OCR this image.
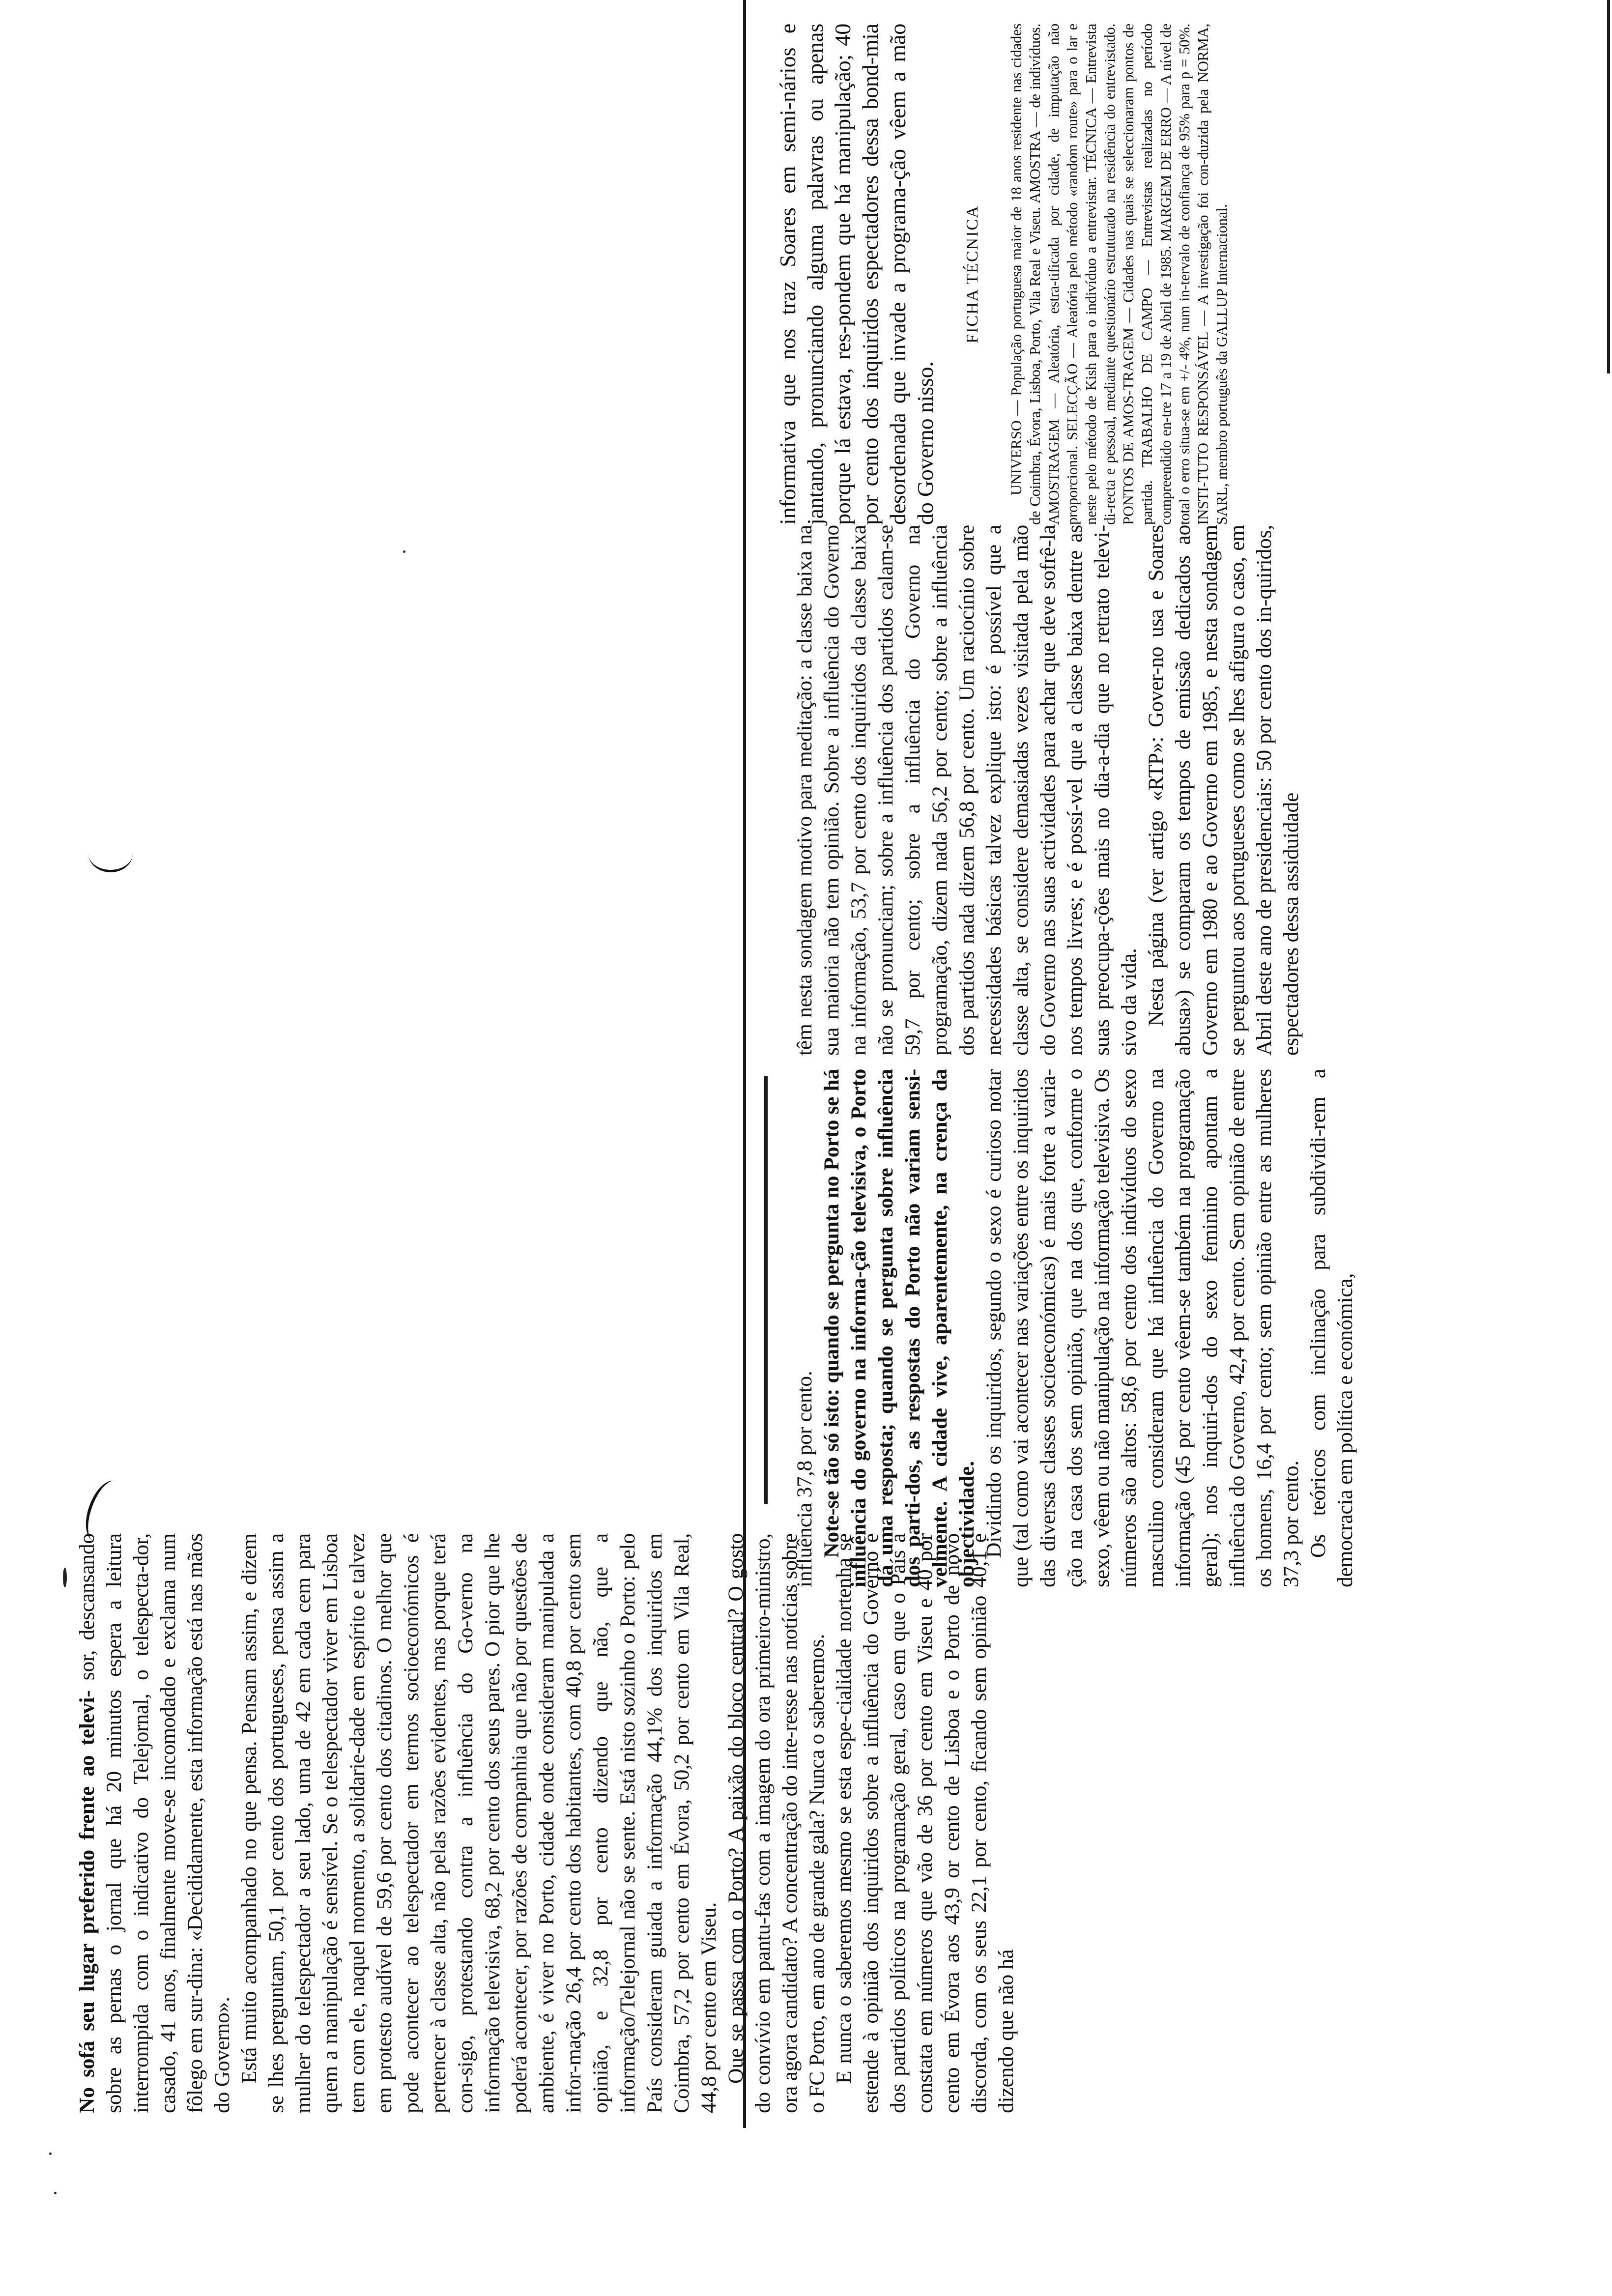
No sofá seu lugar preferido frente ao televi- sor, descansando sobre as pernas o jornal que há 20 minutos espera a leitura interrompida com o indicativo do Telejornal, o telespecta-dor, casado, 41 anos, finalmente move-se incomodado e exclama num fôlego em sur-dina: «Decididamente, esta informação está nas mãos do Governo». Está muito acompanhado no que pensa. Pensam assim, e dizem se lhes perguntam, 50,1 por cento dos portugueses, pensa assim a mulher do telespectador a seu lado, uma de 42 em cada cem para quem a manipulação é sensível. Se o telespectador viver em Lisboa tem com ele, naquel momento, a solidarie-dade em espírito e talvez em protesto audível de 59,6 por cento dos citadinos. O melhor que pode acontecer ao telespectador em termos socioeconómicos é pertencer à classe alta, não pelas razões evidentes, mas porque terá con-sigo, protestando contra a influência do Go-verno na informação televisiva, 68,2 por cento dos seus pares. O pior que lhe poderá acontecer, por razões de companhia que não por questões de ambiente, é viver no Porto, cidade onde consideram manipulada a infor-mação 26,4 por cento dos habitantes, com 40,8 por cento sem opinião, e 32,8 por cento dizendo que não, que a informação/Telejornal não se sente. Está nisto sozinho o Porto: pelo País consideram guiada a informação 44,1% dos inquiridos em Coimbra, 57,2 por cento em Évora, 50,2 por cento em Vila Real, 44,8 por cento em Viseu. Que se passa com o Porto? A paixão do bloco central? O gosto do convívio em pantu-fas com a imagem do ora primeiro-ministro, ora agora candidato? A concentração do inte-resse nas notícias sobre o FC Porto, em ano de grande gala? Nunca o saberemos. E nunca o saberemos mesmo se esta espe-cialidade nortenha se estende à opinião dos inquiridos sobre a influência do Governo e dos partidos políticos na programação geral, caso em que o País a constata em números que vão de 36 por cento em Viseu e 40 por cento em Évora aos 43,9 or cento de Lisboa e o Porto de novo discorda, com os seus 22,1 por cento, ficando sem opinião 40,1 e dizendo que não há

influência 37,8 por cento. Note-se tão só isto: quando se pergunta no Porto se há influência do governo na informa-ção televisiva, o Porto dá uma resposta; quando se pergunta sobre influência dos parti-dos, as respostas do Porto não variam sensi-velmente. A cidade vive, aparentemente, na crença da objectividade. Dividindo os inquiridos, segundo o sexo é curioso notar que (tal como vai acontecer nas variações entre os inquiridos das diversas classes socioeconómicas) é mais forte a varia-ção na casa dos sem opinião, que na dos que, conforme o sexo, vêem ou não manipulação na informação televisiva. Os números são altos: 58,6 por cento dos indivíduos do sexo masculino consideram que há influência do Governo na informação (45 por cento vêem-se também na programação geral); nos inquiri-dos do sexo feminino apontam a influência do Governo, 42,4 por cento. Sem opinião de entre os homens, 16,4 por cento; sem opinião entre as mulheres 37,3 por cento. Os teóricos com inclinação para subdividi-rem a democracia em política e económica,

têm nesta sondagem motivo para meditação: a classe baixa na sua maioria não tem opinião. Sobre a influência do Governo na informação, 53,7 por cento dos inquiridos da classe baixa não se pronunciam; sobre a influência dos partidos calam-se 59,7 por cento; sobre a influência do Governo na programação, dizem nada 56,2 por cento; sobre a influência dos partidos nada dizem 56,8 por cento. Um raciocínio sobre necessidades básicas talvez explique isto: é possível que a classe alta, se considere demasiadas vezes visitada pela mão do Governo nas suas actividades para achar que deve sofrê-la nos tempos livres; e é possí-vel que a classe baixa dentre as suas preocupa-ções mais no dia-a-dia que no retrato televi-sivo da vida. Nesta página (ver artigo «RTP»: Gover-no usa e Soares abusa») se comparam os tempos de emissão dedicados ao Governo em 1980 e ao Governo em 1985, e nesta sondagem se perguntou aos portugueses como se lhes afigura o caso, em Abril deste ano de presidenciais: 50 por cento dos in-quiridos, espectadores dessa assiduidade

informativa que nos traz Soares em semi-nários e jantando, pronunciando alguma palavras ou apenas porque lá estava, res-pondem que há manipulação; 40 por cento dos inquiridos espectadores dessa bond-mia desordenada que invade a programa-ção vêem a mão do Governo nisso.

FICHA TÉCNICA	UNIVERSO — População portuguesa maior de 18 anos residente nas cidades de Coimbra, Évora, Lisboa, Porto, Vila Real e Viseu. AMOSTRA — de indivíduos. AMOSTRAGEM — Aleatória, estra-tificada por cidade, de imputação não proporcional. SELECÇÃO — Aleatória pelo método «random route» para o lar e neste pelo método de Kish para o indivíduo a entrevistar. TÉCNICA — Entrevista di-recta e pessoal, mediante questionário estruturado na residência do entrevistado. PONTOS DE AMOS-TRAGEM — Cidades nas quais se seleccionaram pontos de partida. TRABALHO DE CAMPO — Entrevistas realizadas no período compreendido en-tre 17 a 19 de Abril de 1985. MARGEM DE ERRO — A nível de total o erro situa-se em +/- 4%, num in-tervalo de confiança de 95% para p = 50%. INSTI-TUTO RESPONSÁVEL — A investigação foi con-duzida pela NORMA, SARL, membro português da GALLUP Internacional.
